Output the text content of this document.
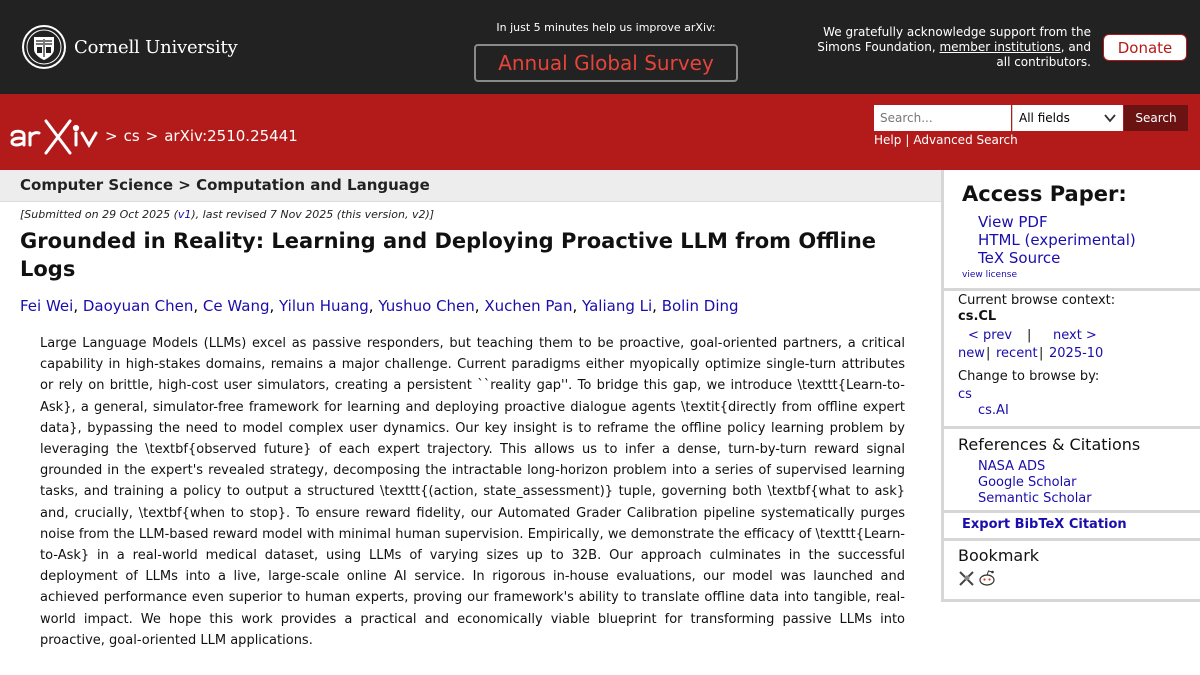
Cornell University
In just 5 minutes help us improve arXiv:
Annual Global Survey
We gratefully acknowledge support from the
Simons Foundation, member institutions, and
all contributors.
Donate
> cs > arXiv:2510.25441
Search...
All fields	Search
Help | Advanced Search
Computer Science > Computation and Language
[Submitted on 29 Oct 2025 (v1), last revised 7 Nov 2025 (this version, v2)]
Grounded in Reality: Learning and Deploying Proactive LLM from Offline Logs
Fei Wei, Daoyuan Chen, Ce Wang, Yilun Huang, Yushuo Chen, Xuchen Pan, Yaliang Li, Bolin Ding

Large Language Models (LLMs) excel as passive responders, but teaching them to be proactive, goal-oriented partners, a critical capability in high-stakes domains, remains a major challenge. Current paradigms either myopically optimize single-turn attributes or rely on brittle, high-cost user simulators, creating a persistent ``reality gap''. To bridge this gap, we introduce \texttt{Learn-to-Ask}, a general, simulator-free framework for learning and deploying proactive dialogue agents \textit{directly from offline expert data}, bypassing the need to model complex user dynamics. Our key insight is to reframe the offline policy learning problem by leveraging the \textbf{observed future} of each expert trajectory. This allows us to infer a dense, turn-by-turn reward signal grounded in the expert's revealed strategy, decomposing the intractable long-horizon problem into a series of supervised learning tasks, and training a policy to output a structured \texttt{(action, state_assessment)} tuple, governing both \textbf{what to ask} and, crucially, \textbf{when to stop}. To ensure reward fidelity, our Automated Grader Calibration pipeline systematically purges noise from the LLM-based reward model with minimal human supervision. Empirically, we demonstrate the efficacy of \texttt{Learn-to-Ask} in a real-world medical dataset, using LLMs of varying sizes up to 32B. Our approach culminates in the successful deployment of LLMs into a live, large-scale online AI service. In rigorous in-house evaluations, our model was launched and achieved performance even superior to human experts, proving our framework's ability to translate offline data into tangible, real-world impact. We hope this work provides a practical and economically viable blueprint for transforming passive LLMs into proactive, goal-oriented LLM applications.

Access Paper:
View PDF
HTML (experimental)
TeX Source
view license
Current browse context:
cs.CL
< prev | next >
new | recent | 2025-10
Change to browse by:
cs
cs.AI
References & Citations
NASA ADS
Google Scholar
Semantic Scholar
Export BibTeX Citation
Bookmark
